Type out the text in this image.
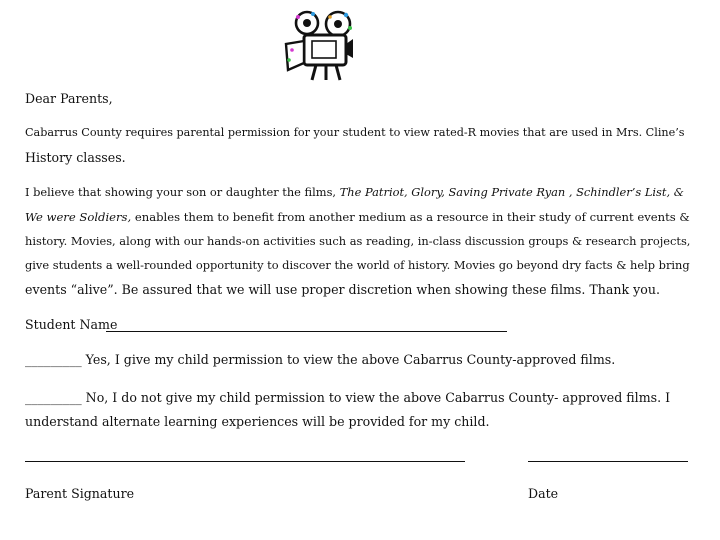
Dear Parents,
Cabarrus County requires parental permission for your student to view rated-R movies that are used in Mrs. Cline’s
History classes.
I believe that showing your son or daughter the films, The Patriot, Glory, Saving Private Ryan , Schindler’s List, &
We were Soldiers, enables them to benefit from another medium as a resource in their study of current events &
history. Movies, along with our hands-on activities such as reading, in-class discussion groups & research projects,
give students a well-rounded opportunity to discover the world of history. Movies go beyond dry facts & help bring
events “alive”. Be assured that we will use proper discretion when showing these films. Thank you.
Student Name
_________ Yes, I give my child permission to view the above Cabarrus County-approved films.
_________ No, I do not give my child permission to view the above Cabarrus County- approved films. I
understand alternate learning experiences will be provided for my child.
Parent Signature	Date
